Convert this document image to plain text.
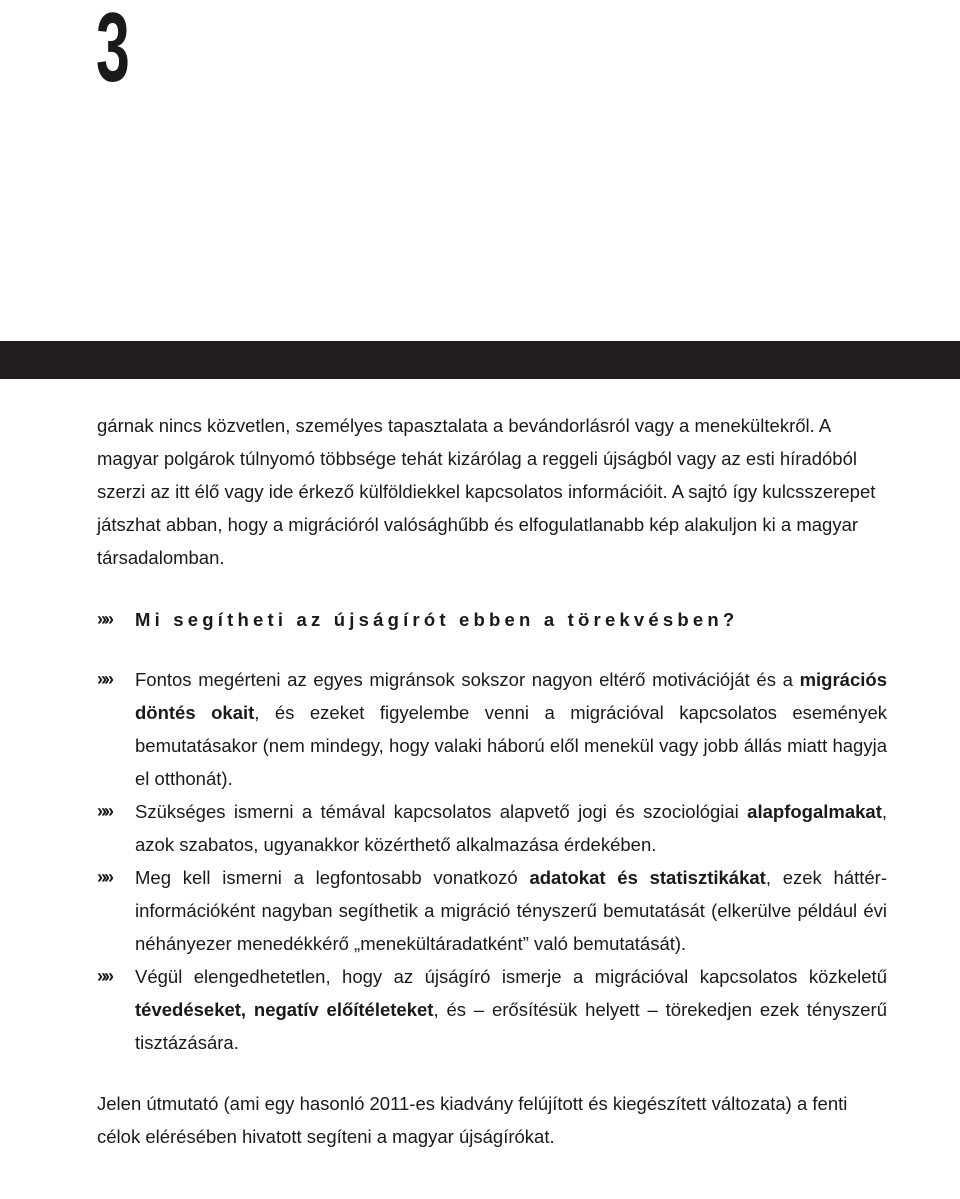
3

gárnak nincs közvetlen, személyes tapasztalata a bevándorlásról vagy a menekültekről. A magyar polgárok túlnyomó többsége tehát kizárólag a reggeli újságból vagy az esti híradóból szerzi az itt élő vagy ide érkező külföldiekkel kapcsolatos információit. A sajtó így kulcsszerepet játszhat abban, hogy a migrációról valósághűbb és elfogulatlanabb kép alakuljon ki a magyar társadalomban.

»» Mi segítheti az újságírót ebben a törekvésben?

»» Fontos megérteni az egyes migránsok sokszor nagyon eltérő motivációját és a migrációs döntés okait, és ezeket figyelembe venni a migrációval kapcsolatos események bemutatásakor (nem mindegy, hogy valaki háború elől menekül vagy jobb állás miatt hagyja el otthonát).
»» Szükséges ismerni a témával kapcsolatos alapvető jogi és szociológiai alapfogalmakat, azok szabatos, ugyanakkor közérthető alkalmazása érdekében.
»» Meg kell ismerni a legfontosabb vonatkozó adatokat és statisztikákat, ezek háttér-információként nagyban segíthetik a migráció tényszerű bemutatását (elkerülve például évi néhányezer menedékkérő „menekültáradatként” való bemutatását).
»» Végül elengedhetetlen, hogy az újságíró ismerje a migrációval kapcsolatos közkeletű tévedéseket, negatív előítéleteket, és – erősítésük helyett – törekedjen ezek tényszerű tisztázására.

Jelen útmutató (ami egy hasonló 2011-es kiadvány felújított és kiegészített változata) a fenti célok elérésében hivatott segíteni a magyar újságírókat.
